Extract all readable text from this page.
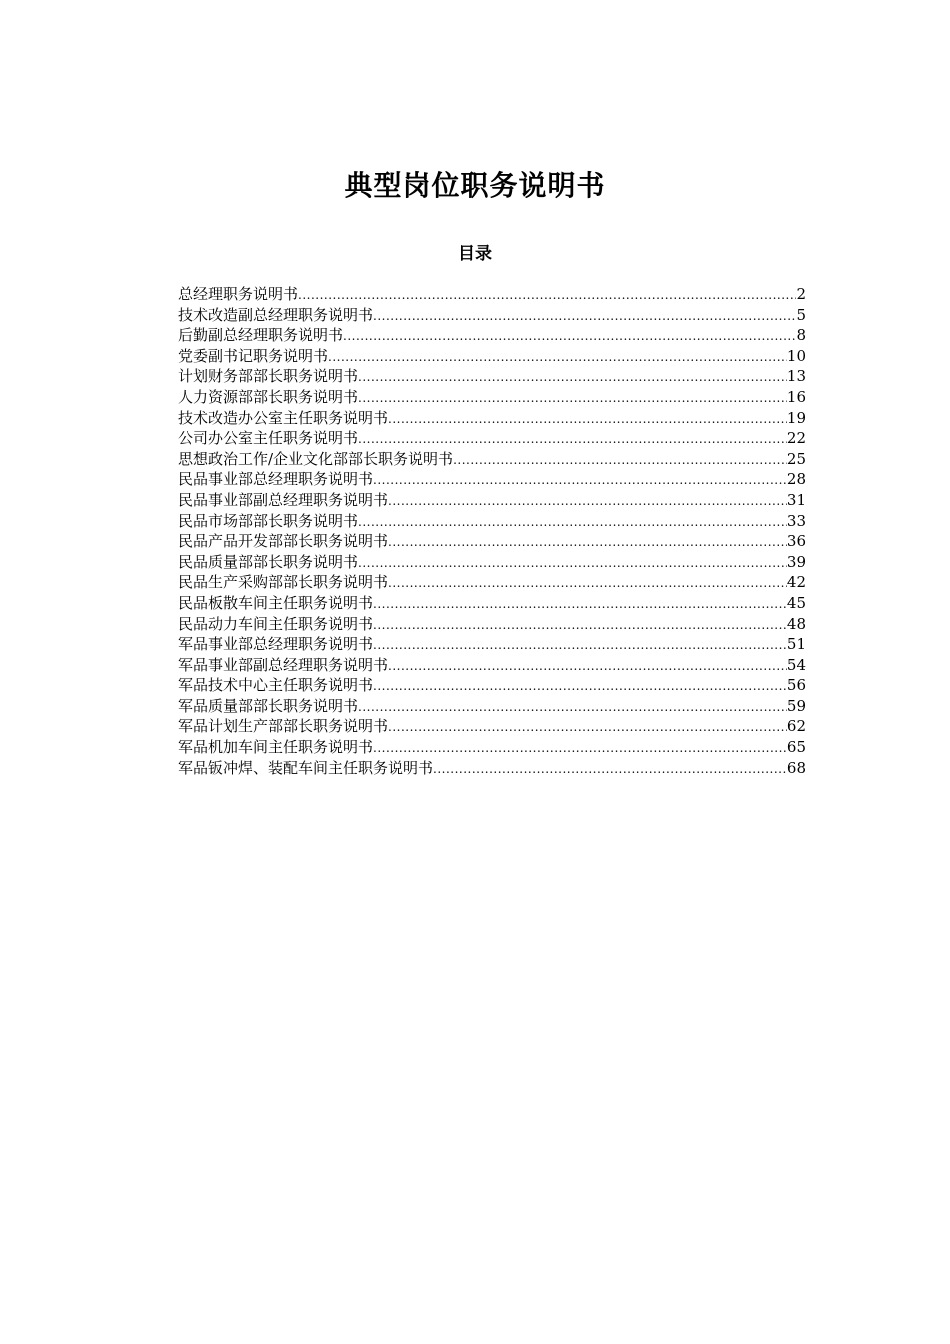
典型岗位职务说明书
目录
总经理职务说明书 .....	2
技术改造副总经理职务说明书 .....	5
后勤副总经理职务说明书 .....	8
党委副书记职务说明书 .....	10
计划财务部部长职务说明书 .....	13
人力资源部部长职务说明书 .....	16
技术改造办公室主任职务说明书 .....	19
公司办公室主任职务说明书 .....	22
思想政治工作/企业文化部部长职务说明书 .....	25
民品事业部总经理职务说明书 .....	28
民品事业部副总经理职务说明书 .....	31
民品市场部部长职务说明书 .....	33
民品产品开发部部长职务说明书 .....	36
民品质量部部长职务说明书 .....	39
民品生产采购部部长职务说明书 .....	42
民品板散车间主任职务说明书 .....	45
民品动力车间主任职务说明书 .....	48
军品事业部总经理职务说明书 .....	51
军品事业部副总经理职务说明书 .....	54
军品技术中心主任职务说明书 .....	56
军品质量部部长职务说明书 .....	59
军品计划生产部部长职务说明书 .....	62
军品机加车间主任职务说明书 .....	65
军品钣冲焊、装配车间主任职务说明书 .....	68
